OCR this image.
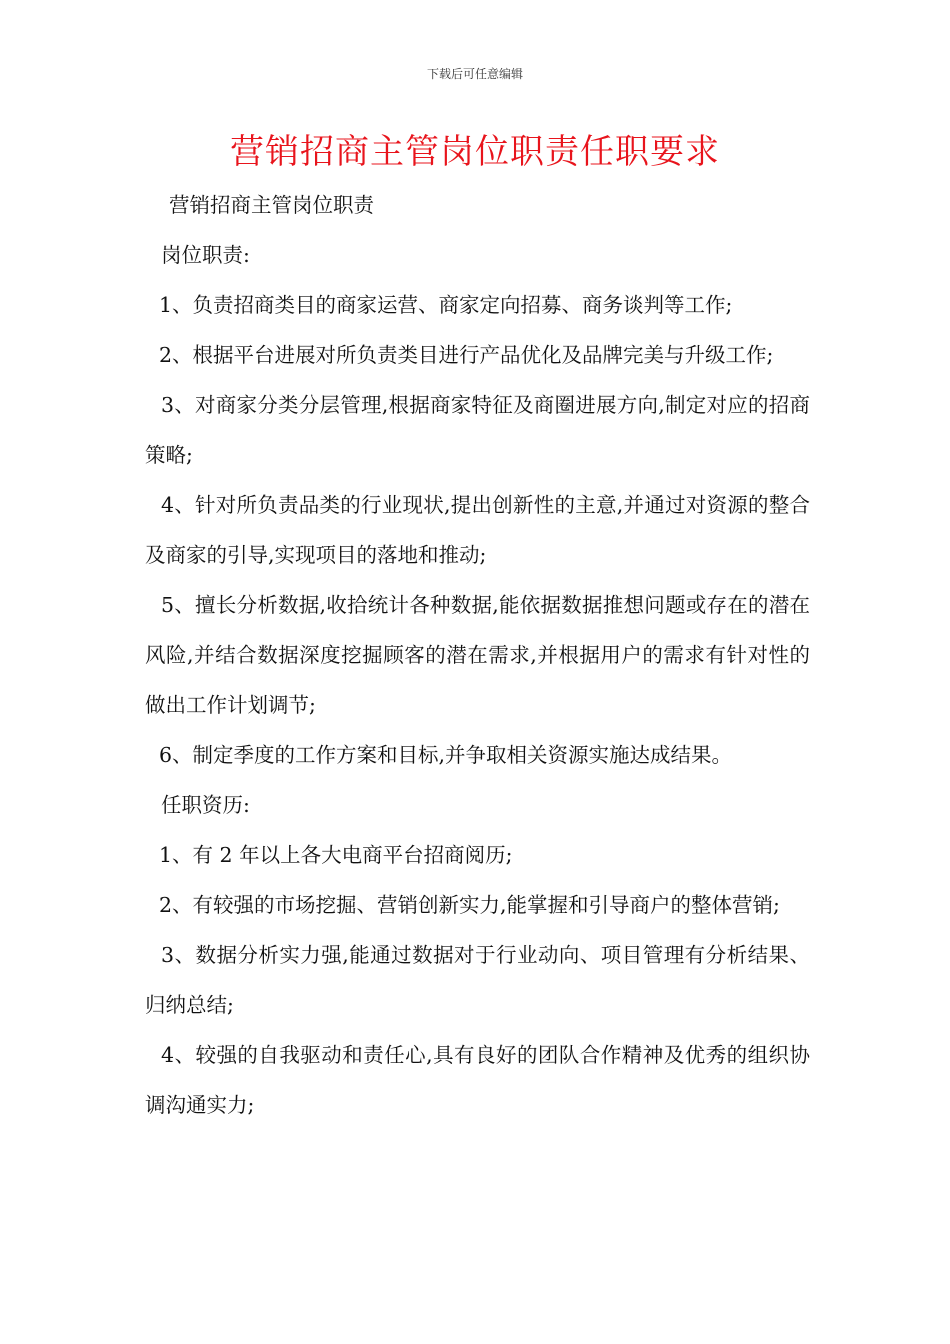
下载后可任意编辑
营销招商主管岗位职责任职要求

营销招商主管岗位职责

岗位职责:

1、负责招商类目的商家运营、商家定向招募、商务谈判等工作;

2、根据平台进展对所负责类目进行产品优化及品牌完美与升级工作;

3、对商家分类分层管理,根据商家特征及商圈进展方向,制定对应的招商策略;

4、针对所负责品类的行业现状,提出创新性的主意,并通过对资源的整合及商家的引导,实现项目的落地和推动;

5、擅长分析数据,收拾统计各种数据,能依据数据推想问题或存在的潜在风险,并结合数据深度挖掘顾客的潜在需求,并根据用户的需求有针对性的做出工作计划调节;

6、制定季度的工作方案和目标,并争取相关资源实施达成结果。

任职资历:

1、有 2 年以上各大电商平台招商阅历;

2、有较强的市场挖掘、营销创新实力,能掌握和引导商户的整体营销;

3、数据分析实力强,能通过数据对于行业动向、项目管理有分析结果、归纳总结;

4、较强的自我驱动和责任心,具有良好的团队合作精神及优秀的组织协调沟通实力;
